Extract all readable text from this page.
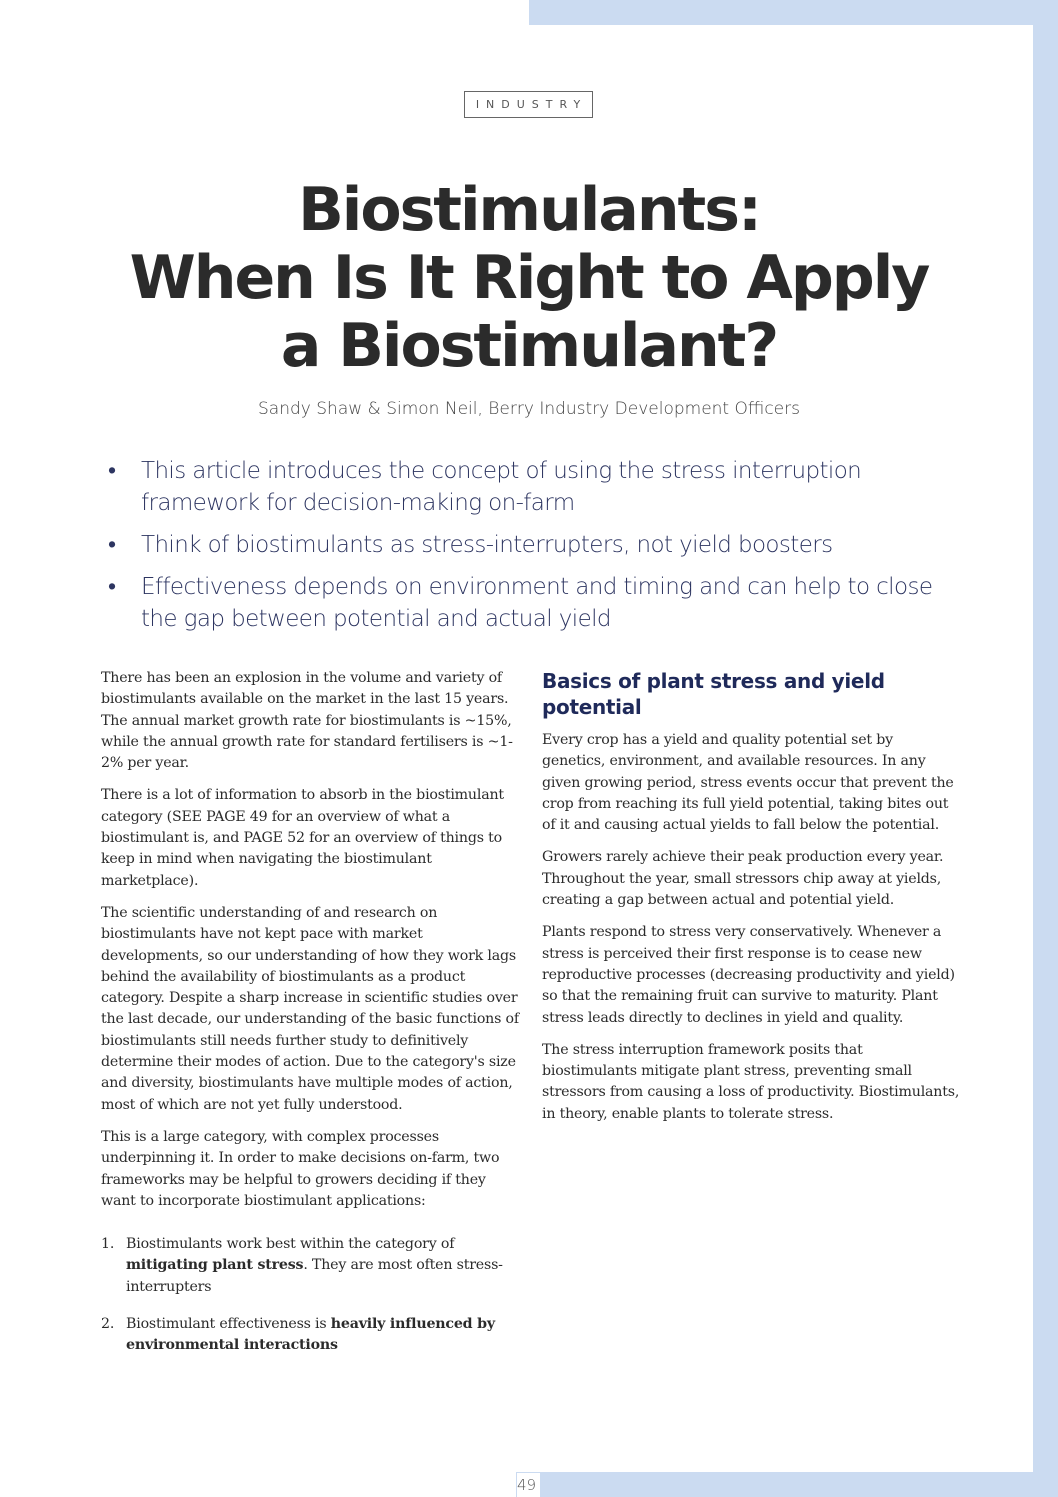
49
INDUSTRY
Biostimulants:
When Is It Right to Apply
a Biostimulant?
Sandy Shaw & Simon Neil, Berry Industry Development Officers
• This article introduces the concept of using the stress interruption framework for decision-making on-farm
• Think of biostimulants as stress-interrupters, not yield boosters
• Effectiveness depends on environment and timing and can help to close the gap between potential and actual yield

There has been an explosion in the volume and variety of biostimulants available on the market in the last 15 years. The annual market growth rate for biostimulants is ~15%, while the annual growth rate for standard fertilisers is ~1-2% per year.

There is a lot of information to absorb in the biostimulant category (SEE PAGE 49 for an overview of what a biostimulant is, and PAGE 52 for an overview of things to keep in mind when navigating the biostimulant marketplace).

The scientific understanding of and research on biostimulants have not kept pace with market developments, so our understanding of how they work lags behind the availability of biostimulants as a product category. Despite a sharp increase in scientific studies over the last decade, our understanding of the basic functions of biostimulants still needs further study to definitively determine their modes of action. Due to the category's size and diversity, biostimulants have multiple modes of action, most of which are not yet fully understood.

This is a large category, with complex processes underpinning it. In order to make decisions on-farm, two frameworks may be helpful to growers deciding if they want to incorporate biostimulant applications:

1. Biostimulants work best within the category of mitigating plant stress. They are most often stress-interrupters
2. Biostimulant effectiveness is heavily influenced by environmental interactions
Basics of plant stress and yield potential

Every crop has a yield and quality potential set by genetics, environment, and available resources. In any given growing period, stress events occur that prevent the crop from reaching its full yield potential, taking bites out of it and causing actual yields to fall below the potential.

Growers rarely achieve their peak production every year. Throughout the year, small stressors chip away at yields, creating a gap between actual and potential yield.

Plants respond to stress very conservatively. Whenever a stress is perceived their first response is to cease new reproductive processes (decreasing productivity and yield) so that the remaining fruit can survive to maturity. Plant stress leads directly to declines in yield and quality.

The stress interruption framework posits that biostimulants mitigate plant stress, preventing small stressors from causing a loss of productivity. Biostimulants, in theory, enable plants to tolerate stress.
